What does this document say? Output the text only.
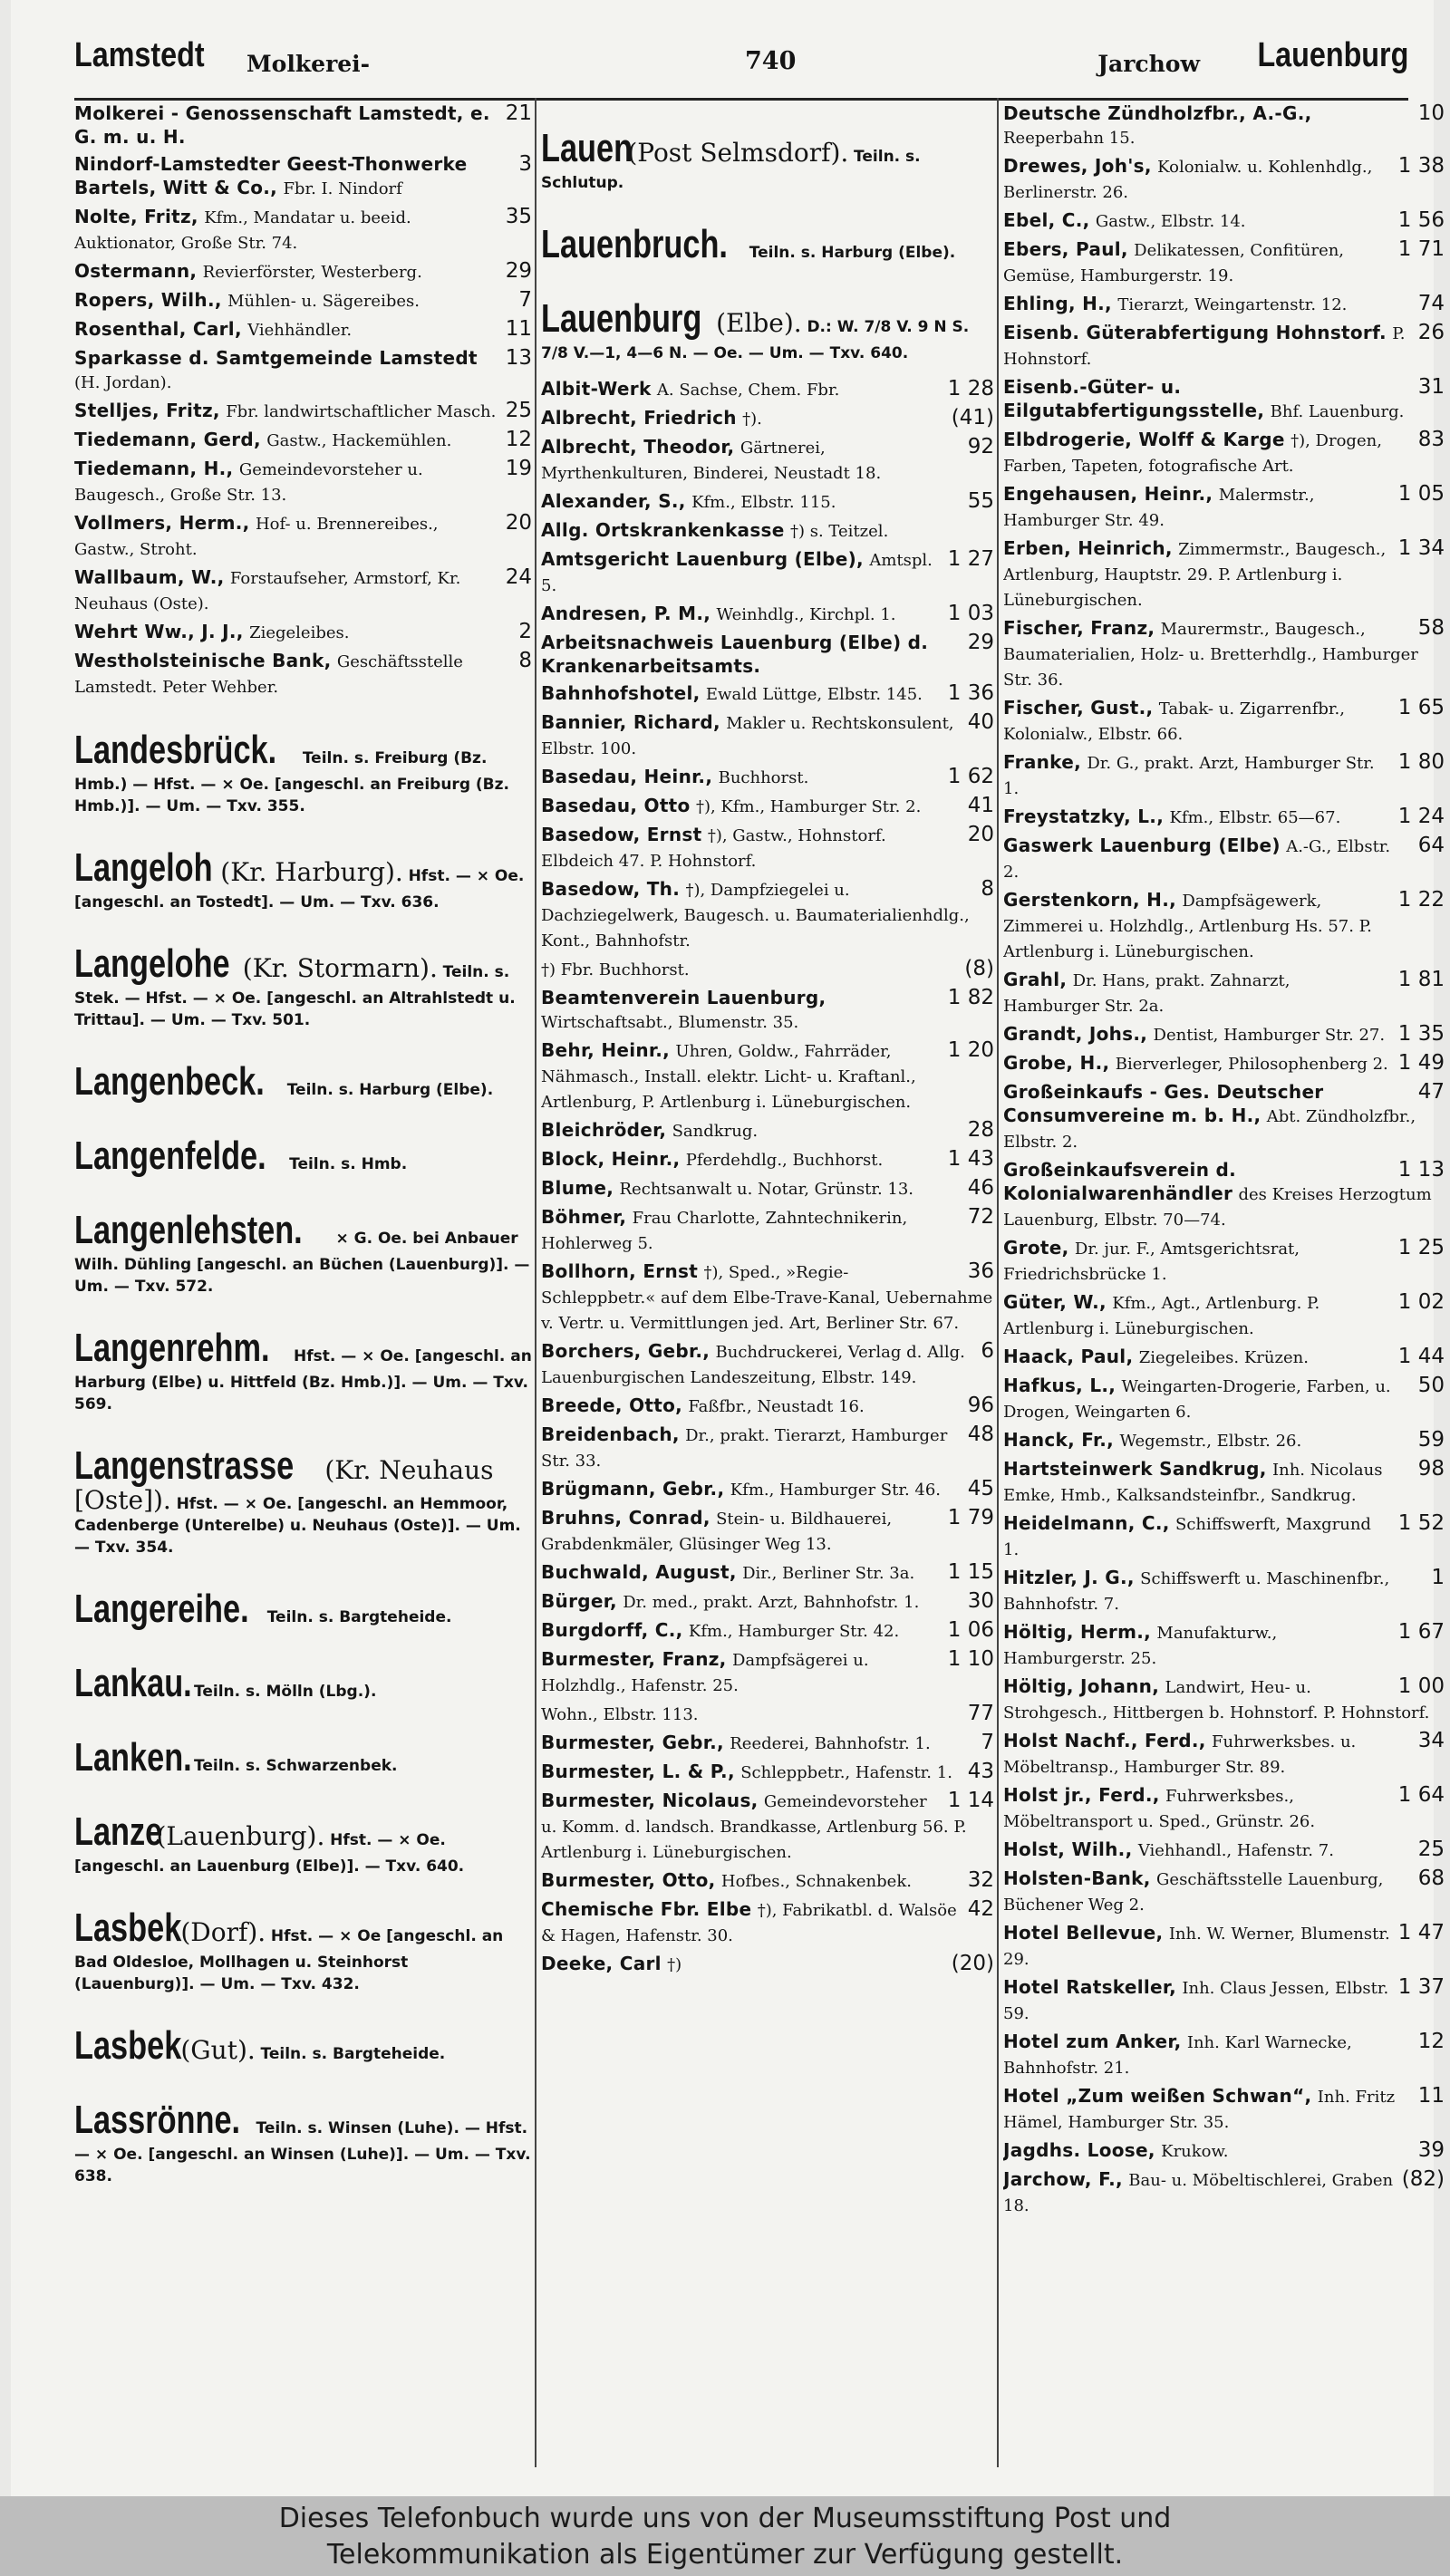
Lamstedt Molkerei-	740	Jarchow Lauenburg
21
Molkerei - Genossenschaft Lamstedt, e. G. m. u. H.
3
Nindorf-Lamstedter Geest-Thonwerke Bartels, Witt & Co., Fbr. I. Nindorf
35
Nolte, Fritz, Kfm., Mandatar u. beeid. Auktionator, Große Str. 74.
29
Ostermann, Revierförster, Westerberg.
7
Ropers, Wilh., Mühlen- u. Sägereibes.
11
Rosenthal, Carl, Viehhändler.
13
Sparkasse d. Samtgemeinde Lamstedt (H. Jordan).
25
Stelljes, Fritz, Fbr. landwirtschaftlicher Masch.
12
Tiedemann, Gerd, Gastw., Hackemühlen.
19
Tiedemann, H., Gemeindevorsteher u. Baugesch., Große Str. 13.
20
Vollmers, Herm., Hof- u. Brennereibes., Gastw., Stroht.
24
Wallbaum, W., Forstaufseher, Armstorf, Kr. Neuhaus (Oste).
2
Wehrt Ww., J. J., Ziegeleibes.
8
Westholsteinische Bank, Geschäftsstelle Lamstedt. Peter Wehber.
Landesbrück. Teiln. s. Freiburg (Bz. Hmb.) — Hfst. — × Oe. [angeschl. an Freiburg (Bz. Hmb.)]. — Um. — Txv. 355.
Langeloh (Kr. Harburg). Hfst. — × Oe. [angeschl. an Tostedt]. — Um. — Txv. 636.
Langelohe (Kr. Stormarn). Teiln. s. Stek. — Hfst. — × Oe. [angeschl. an Altrahlstedt u. Trittau]. — Um. — Txv. 501.
Langenbeck. Teiln. s. Harburg (Elbe).
Langenfelde. Teiln. s. Hmb.
Langenlehsten. × G. Oe. bei Anbauer Wilh. Dühling [angeschl. an Büchen (Lauenburg)]. — Um. — Txv. 572.
Langenrehm. Hfst. — × Oe. [angeschl. an Harburg (Elbe) u. Hittfeld (Bz. Hmb.)]. — Um. — Txv. 569.
Langenstrasse (Kr. Neuhaus [Oste]). Hfst. — × Oe. [angeschl. an Hemmoor, Cadenberge (Unterelbe) u. Neuhaus (Oste)]. — Um. — Txv. 354.
Langereihe. Teiln. s. Bargteheide.
Lankau. Teiln. s. Mölln (Lbg.).
Lanken. Teiln. s. Schwarzenbek.
Lanze (Lauenburg). Hfst. — × Oe. [angeschl. an Lauenburg (Elbe)]. — Txv. 640.
Lasbek (Dorf). Hfst. — × Oe [angeschl. an Bad Oldesloe, Mollhagen u. Steinhorst (Lauenburg)]. — Um. — Txv. 432.
Lasbek (Gut). Teiln. s. Bargteheide.
Lassrönne. Teiln. s. Winsen (Luhe). — Hfst. — × Oe. [angeschl. an Winsen (Luhe)]. — Um. — Txv. 638.
Lauen (Post Selmsdorf). Teiln. s. Schlutup.
Lauenbruch. Teiln. s. Harburg (Elbe).
Lauenburg (Elbe). D.: W. 7/8 V. 9 N S. 7/8 V.—1, 4—6 N. — Oe. — Um. — Txv. 640.
1 28
Albit-Werk A. Sachse, Chem. Fbr.
(41)
Albrecht, Friedrich †).
92
Albrecht, Theodor, Gärtnerei, Myrthenkulturen, Binderei, Neustadt 18.
55
Alexander, S., Kfm., Elbstr. 115.
Allg. Ortskrankenkasse †) s. Teitzel.
1 27
Amtsgericht Lauenburg (Elbe), Amtspl. 5.
1 03
Andresen, P. M., Weinhdlg., Kirchpl. 1.
29
Arbeitsnachweis Lauenburg (Elbe) d. Krankenarbeitsamts.
1 36
Bahnhofshotel, Ewald Lüttge, Elbstr. 145.
40
Bannier, Richard, Makler u. Rechtskonsulent, Elbstr. 100.
1 62
Basedau, Heinr., Buchhorst.
41
Basedau, Otto †), Kfm., Hamburger Str. 2.
20
Basedow, Ernst †), Gastw., Hohnstorf. Elbdeich 47. P. Hohnstorf.
8
Basedow, Th. †), Dampfziegelei u. Dachziegelwerk, Baugesch. u. Baumaterialienhdlg., Kont., Bahnhofstr.
(8)
†) Fbr. Buchhorst.
1 82
Beamtenverein Lauenburg, Wirtschaftsabt., Blumenstr. 35.
1 20
Behr, Heinr., Uhren, Goldw., Fahrräder, Nähmasch., Install. elektr. Licht- u. Kraftanl., Artlenburg, P. Artlenburg i. Lüneburgischen.
28
Bleichröder, Sandkrug.
1 43
Block, Heinr., Pferdehdlg., Buchhorst.
46
Blume, Rechtsanwalt u. Notar, Grünstr. 13.
72
Böhmer, Frau Charlotte, Zahntechnikerin, Hohlerweg 5.
36
Bollhorn, Ernst †), Sped., »Regie-Schleppbetr.« auf dem Elbe-Trave-Kanal, Uebernahme v. Vertr. u. Vermittlungen jed. Art, Berliner Str. 67.
6
Borchers, Gebr., Buchdruckerei, Verlag d. Allg. Lauenburgischen Landeszeitung, Elbstr. 149.
96
Breede, Otto, Faßfbr., Neustadt 16.
48
Breidenbach, Dr., prakt. Tierarzt, Hamburger Str. 33.
45
Brügmann, Gebr., Kfm., Hamburger Str. 46.
1 79
Bruhns, Conrad, Stein- u. Bildhauerei, Grabdenkmäler, Glüsinger Weg 13.
1 15
Buchwald, August, Dir., Berliner Str. 3a.
30
Bürger, Dr. med., prakt. Arzt, Bahnhofstr. 1.
1 06
Burgdorff, C., Kfm., Hamburger Str. 42.
1 10
Burmester, Franz, Dampfsägerei u. Holzhdlg., Hafenstr. 25.
77
Wohn., Elbstr. 113.
7
Burmester, Gebr., Reederei, Bahnhofstr. 1.
43
Burmester, L. & P., Schleppbetr., Hafenstr. 1.
1 14
Burmester, Nicolaus, Gemeindevorsteher u. Komm. d. landsch. Brandkasse, Artlenburg 56. P. Artlenburg i. Lüneburgischen.
32
Burmester, Otto, Hofbes., Schnakenbek.
42
Chemische Fbr. Elbe †), Fabrikatbl. d. Walsöe & Hagen, Hafenstr. 30.
(20)
Deeke, Carl †)
10
Deutsche Zündholzfbr., A.-G., Reeperbahn 15.
1 38
Drewes, Joh's, Kolonialw. u. Kohlenhdlg., Berlinerstr. 26.
1 56
Ebel, C., Gastw., Elbstr. 14.
1 71
Ebers, Paul, Delikatessen, Confitüren, Gemüse, Hamburgerstr. 19.
74
Ehling, H., Tierarzt, Weingartenstr. 12.
26
Eisenb. Güterabfertigung Hohnstorf. P. Hohnstorf.
31
Eisenb.-Güter- u. Eilgutabfertigungsstelle, Bhf. Lauenburg.
83
Elbdrogerie, Wolff & Karge †), Drogen, Farben, Tapeten, fotografische Art.
1 05
Engehausen, Heinr., Malermstr., Hamburger Str. 49.
1 34
Erben, Heinrich, Zimmermstr., Baugesch., Artlenburg, Hauptstr. 29. P. Artlenburg i. Lüneburgischen.
58
Fischer, Franz, Maurermstr., Baugesch., Baumaterialien, Holz- u. Bretterhdlg., Hamburger Str. 36.
1 65
Fischer, Gust., Tabak- u. Zigarrenfbr., Kolonialw., Elbstr. 66.
1 80
Franke, Dr. G., prakt. Arzt, Hamburger Str. 1.
1 24
Freystatzky, L., Kfm., Elbstr. 65—67.
64
Gaswerk Lauenburg (Elbe) A.-G., Elbstr. 2.
1 22
Gerstenkorn, H., Dampfsägewerk, Zimmerei u. Holzhdlg., Artlenburg Hs. 57. P. Artlenburg i. Lüneburgischen.
1 81
Grahl, Dr. Hans, prakt. Zahnarzt, Hamburger Str. 2a.
1 35
Grandt, Johs., Dentist, Hamburger Str. 27.
1 49
Grobe, H., Bierverleger, Philosophenberg 2.
47
Großeinkaufs - Ges. Deutscher Consumvereine m. b. H., Abt. Zündholzfbr., Elbstr. 2.
1 13
Großeinkaufsverein d. Kolonialwarenhändler des Kreises Herzogtum Lauenburg, Elbstr. 70—74.
1 25
Grote, Dr. jur. F., Amtsgerichtsrat, Friedrichsbrücke 1.
1 02
Güter, W., Kfm., Agt., Artlenburg. P. Artlenburg i. Lüneburgischen.
1 44
Haack, Paul, Ziegeleibes. Krüzen.
50
Hafkus, L., Weingarten-Drogerie, Farben, u. Drogen, Weingarten 6.
59
Hanck, Fr., Wegemstr., Elbstr. 26.
98
Hartsteinwerk Sandkrug, Inh. Nicolaus Emke, Hmb., Kalksandsteinfbr., Sandkrug.
1 52
Heidelmann, C., Schiffswerft, Maxgrund 1.
1
Hitzler, J. G., Schiffswerft u. Maschinenfbr., Bahnhofstr. 7.
1 67
Höltig, Herm., Manufakturw., Hamburgerstr. 25.
1 00
Höltig, Johann, Landwirt, Heu- u. Strohgesch., Hittbergen b. Hohnstorf. P. Hohnstorf.
34
Holst Nachf., Ferd., Fuhrwerksbes. u. Möbeltransp., Hamburger Str. 89.
1 64
Holst jr., Ferd., Fuhrwerksbes., Möbeltransport u. Sped., Grünstr. 26.
25
Holst, Wilh., Viehhandl., Hafenstr. 7.
68
Holsten-Bank, Geschäftsstelle Lauenburg, Büchener Weg 2.
1 47
Hotel Bellevue, Inh. W. Werner, Blumenstr. 29.
1 37
Hotel Ratskeller, Inh. Claus Jessen, Elbstr. 59.
12
Hotel zum Anker, Inh. Karl Warnecke, Bahnhofstr. 21.
11
Hotel „Zum weißen Schwan“, Inh. Fritz Hämel, Hamburger Str. 35.
39
Jagdhs. Loose, Krukow.
(82)
Jarchow, F., Bau- u. Möbeltischlerei, Graben 18.
Dieses Telefonbuch wurde uns von der Museumsstiftung Post und
Telekommunikation als Eigentümer zur Verfügung gestellt.
